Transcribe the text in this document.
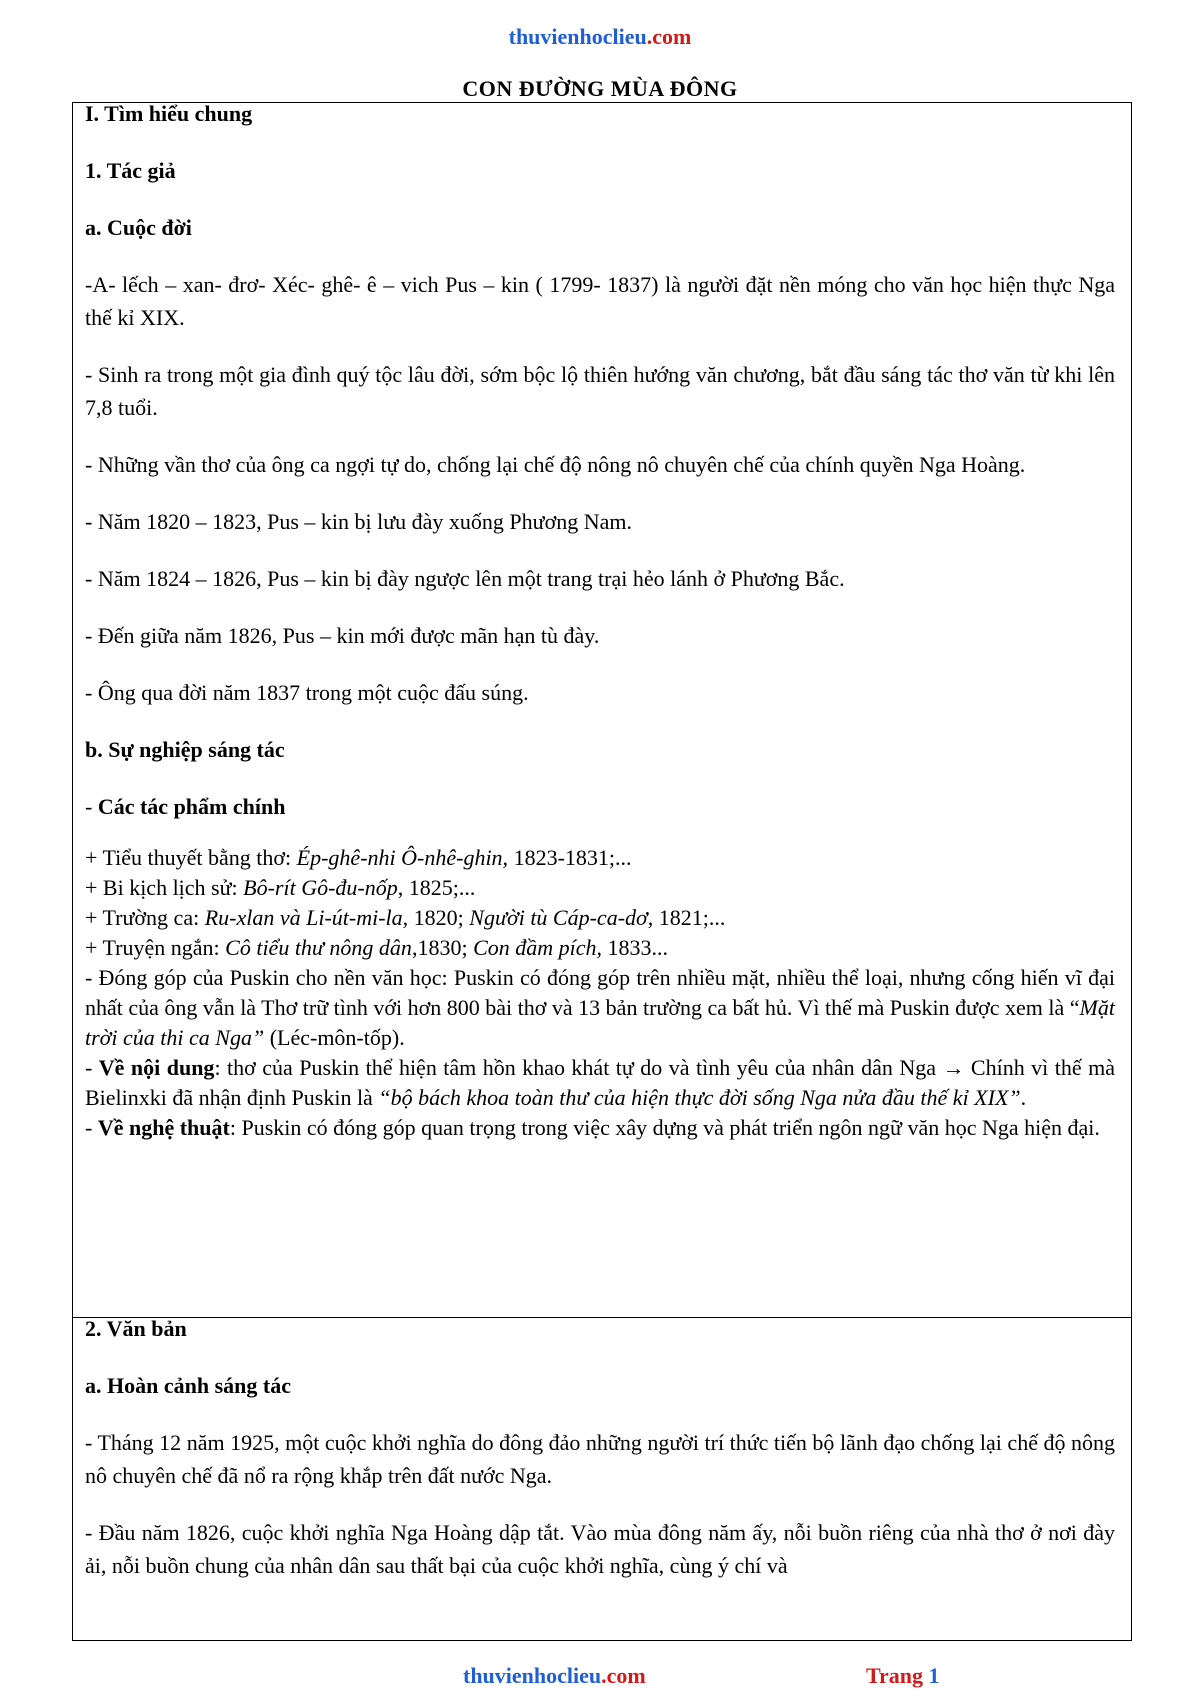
thuvienhoclieu.com
CON ĐƯỜNG MÙA ĐÔNG

I. Tìm hiểu chung

1. Tác giả

a. Cuộc đời

-A- lếch – xan- đrơ- Xéc- ghê- ê – vich Pus – kin ( 1799- 1837) là người đặt nền móng cho văn học hiện thực Nga thế kỉ XIX.

- Sinh ra trong một gia đình quý tộc lâu đời, sớm bộc lộ thiên hướng văn chương, bắt đầu sáng tác thơ văn từ khi lên 7,8 tuổi.

- Những vần thơ của ông ca ngợi tự do, chống lại chế độ nông nô chuyên chế của chính quyền Nga Hoàng.

- Năm 1820 – 1823, Pus – kin bị lưu đày xuống Phương Nam.

- Năm 1824 – 1826, Pus – kin bị đày ngược lên một trang trại hẻo lánh ở Phương Bắc.

- Đến giữa năm 1826, Pus – kin mới được mãn hạn tù đày.

- Ông qua đời năm 1837 trong một cuộc đấu súng.

b. Sự nghiệp sáng tác

- Các tác phẩm chính

+ Tiểu thuyết bằng thơ: Ép-ghê-nhi Ô-nhê-ghin, 1823-1831;...

+ Bi kịch lịch sử: Bô-rít Gô-đu-nốp, 1825;...

+ Trường ca: Ru-xlan và Li-út-mi-la, 1820; Người tù Cáp-ca-dơ, 1821;...

+ Truyện ngắn: Cô tiểu thư nông dân,1830; Con đầm pích, 1833...

- Đóng góp của Puskin cho nền văn học: Puskin có đóng góp trên nhiều mặt, nhiều thể loại, nhưng cống hiến vĩ đại nhất của ông vẫn là Thơ trữ tình với hơn 800 bài thơ và 13 bản trường ca bất hủ. Vì thế mà Puskin được xem là “Mặt trời của thi ca Nga” (Léc-môn-tốp).

- Về nội dung: thơ của Puskin thể hiện tâm hồn khao khát tự do và tình yêu của nhân dân Nga → Chính vì thế mà Bielinxki đã nhận định Puskin là “bộ bách khoa toàn thư của hiện thực đời sống Nga nửa đầu thế kỉ XIX”.

- Về nghệ thuật: Puskin có đóng góp quan trọng trong việc xây dựng và phát triển ngôn ngữ văn học Nga hiện đại.

2. Văn bản

a. Hoàn cảnh sáng tác

- Tháng 12 năm 1925, một cuộc khởi nghĩa do đông đảo những người trí thức tiến bộ lãnh đạo chống lại chế độ nông nô chuyên chế đã nổ ra rộng khắp trên đất nước Nga.

- Đầu năm 1826, cuộc khởi nghĩa Nga Hoàng dập tắt. Vào mùa đông năm ấy, nỗi buồn riêng của nhà thơ ở nơi đày ải, nỗi buồn chung của nhân dân sau thất bại của cuộc khởi nghĩa, cùng ý chí và

thuvienhoclieu.com	Trang 1
